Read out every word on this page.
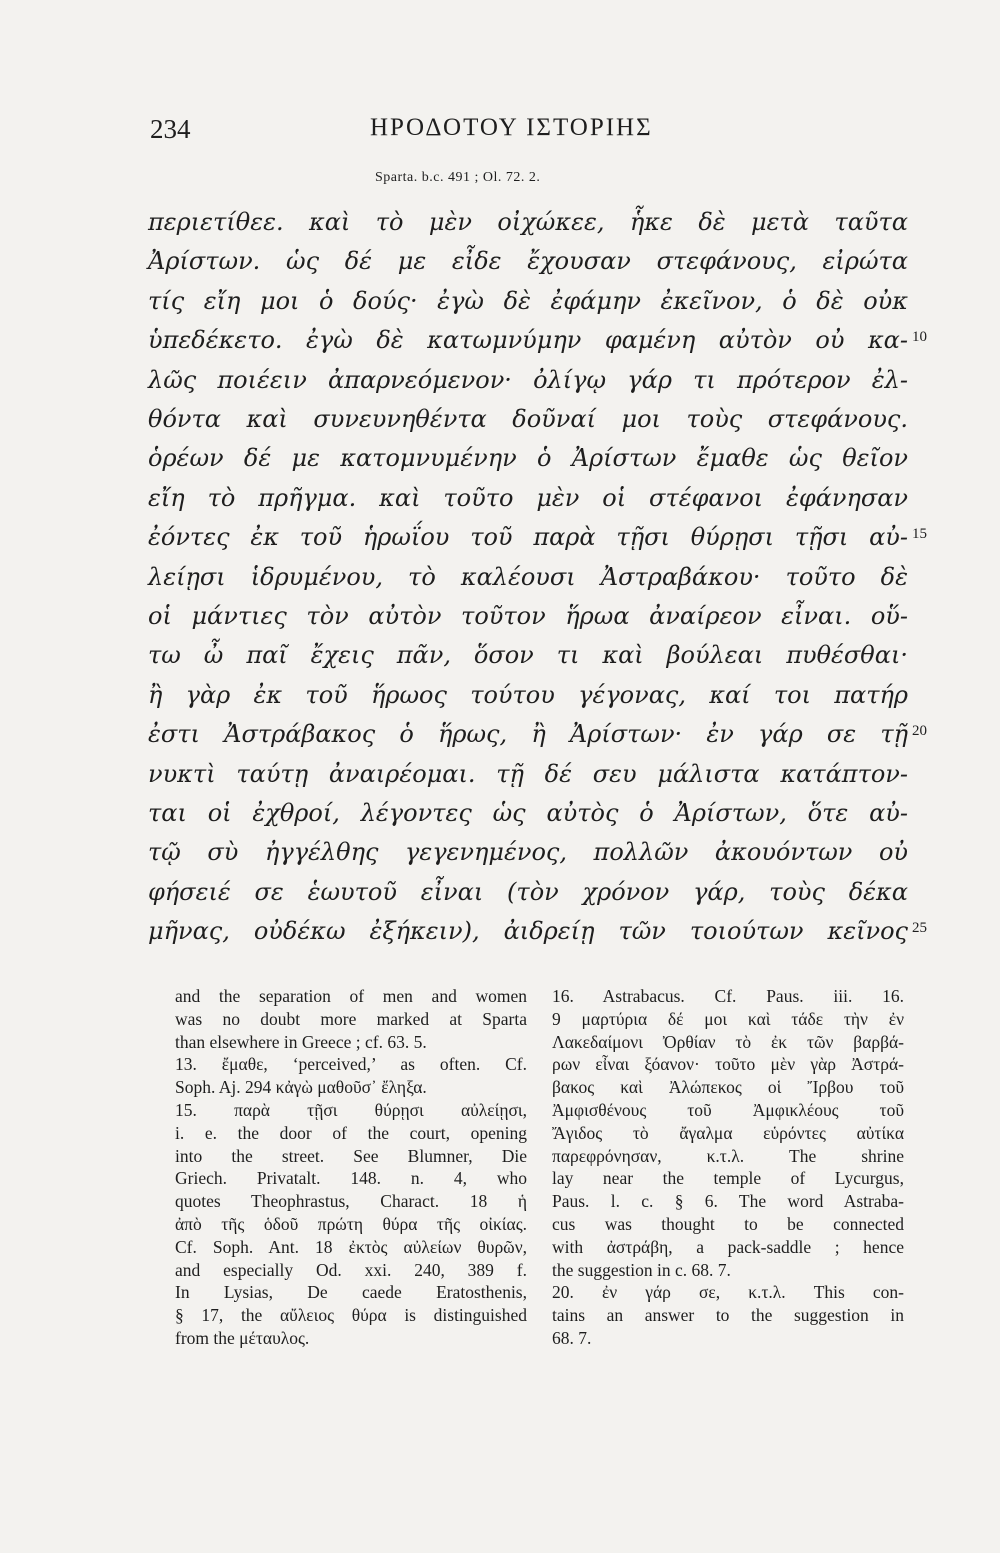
234	ΗΡΟΔΟΤΟΥ ΙΣΤΟΡΙΗΣ
Sparta. b.c. 491 ; Ol. 72. 2.
περιετίθεε. καὶ τὸ μὲν οἰχώκεε, ἧκε δὲ μετὰ ταῦτα
Ἀρίστων. ὡς δέ με εἶδε ἔχουσαν στεφάνους, εἰρώτα
τίς εἴη μοι ὁ δούς· ἐγὼ δὲ ἐφάμην ἐκεῖνον, ὁ δὲ οὐκ
ὑπεδέκετο. ἐγὼ δὲ κατωμνύμην φαμένη αὐτὸν οὐ κα-
λῶς ποιέειν ἀπαρνεόμενον· ὀλίγῳ γάρ τι πρότερον ἐλ-
θόντα καὶ συνευνηθέντα δοῦναί μοι τοὺς στεφάνους.
ὁρέων δέ με κατομνυμένην ὁ Ἀρίστων ἔμαθε ὡς θεῖον
εἴη τὸ πρῆγμα. καὶ τοῦτο μὲν οἱ στέφανοι ἐφάνησαν
ἐόντες ἐκ τοῦ ἡρωΐου τοῦ παρὰ τῇσι θύρῃσι τῇσι αὐ-
λείῃσι ἱδρυμένου, τὸ καλέουσι Ἀστραβάκου· τοῦτο δὲ
οἱ μάντιες τὸν αὐτὸν τοῦτον ἥρωα ἀναίρεον εἶναι. οὕ-
τω ὦ παῖ ἔχεις πᾶν, ὅσον τι καὶ βούλεαι πυθέσθαι·
ἢ γὰρ ἐκ τοῦ ἥρωος τούτου γέγονας, καί τοι πατήρ
ἐστι Ἀστράβακος ὁ ἥρως, ἢ Ἀρίστων· ἐν γάρ σε τῇ
νυκτὶ ταύτῃ ἀναιρέομαι. τῇ δέ σευ μάλιστα κατάπτον-
ται οἱ ἐχθροί, λέγοντες ὡς αὐτὸς ὁ Ἀρίστων, ὅτε αὐ-
τῷ σὺ ἠγγέλθης γεγενημένος, πολλῶν ἀκουόντων οὐ
φήσειέ σε ἑωυτοῦ εἶναι (τὸν χρόνον γάρ, τοὺς δέκα
μῆνας, οὐδέκω ἐξήκειν), ἀιδρείῃ τῶν τοιούτων κεῖνος
10
15
20
25
and the separation of men and women
was no doubt more marked at Sparta
than elsewhere in Greece ; cf. 63. 5.
13. ἔμαθε, ‘perceived,’ as often. Cf.
Soph. Aj. 294 κἀγὼ μαθοῦσ᾽ ἔληξα.
15. παρὰ τῇσι θύρῃσι αὐλείῃσι,
i. e. the door of the court, opening
into the street. See Blumner, Die
Griech. Privatalt. 148. n. 4, who
quotes Theophrastus, Charact. 18 ἡ
ἀπὸ τῆς ὁδοῦ πρώτη θύρα τῆς οἰκίας.
Cf. Soph. Ant. 18 ἐκτὸς αὐλείων θυρῶν,
and especially Od. xxi. 240, 389 f.
In Lysias, De caede Eratosthenis,
§ 17, the αὔλειος θύρα is distinguished
from the μέταυλος.
16. Astrabacus. Cf. Paus. iii. 16.
9 μαρτύρια δέ μοι καὶ τάδε τὴν ἐν
Λακεδαίμονι Ὀρθίαν τὸ ἐκ τῶν βαρβά-
ρων εἶναι ξόανον· τοῦτο μὲν γὰρ Ἀστρά-
βακος καὶ Ἀλώπεκος οἱ Ἴρβου τοῦ
Ἀμφισθένους τοῦ Ἀμφικλέους τοῦ
Ἄγιδος τὸ ἄγαλμα εὑρόντες αὐτίκα
παρεφρόνησαν, κ.τ.λ. The shrine
lay near the temple of Lycurgus,
Paus. l. c. § 6. The word Astraba-
cus was thought to be connected
with ἀστράβη, a pack-saddle ; hence
the suggestion in c. 68. 7.
20. ἐν γάρ σε, κ.τ.λ. This con-
tains an answer to the suggestion in
68. 7.
